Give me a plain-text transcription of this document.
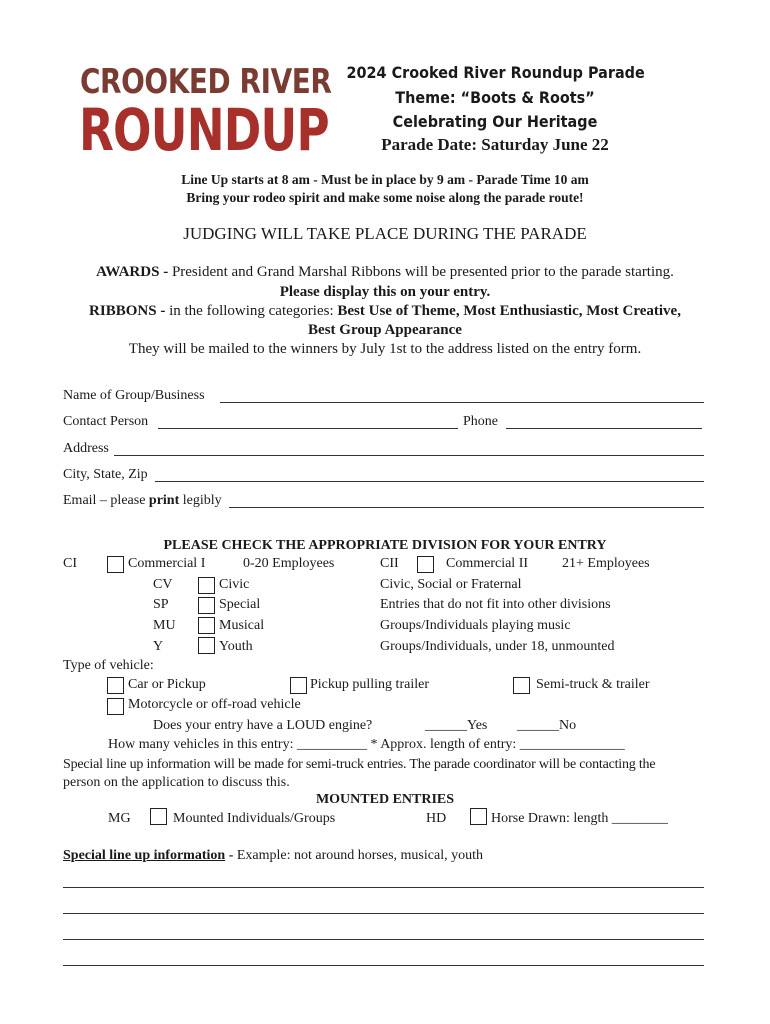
CROOKED RIVER
ROUNDUP
2024 Crooked River Roundup Parade
Theme: “Boots & Roots”
Celebrating Our Heritage
Parade Date: Saturday June 22
Line Up starts at 8 am - Must be in place by 9 am - Parade Time 10 am
Bring your rodeo spirit and make some noise along the parade route!
JUDGING WILL TAKE PLACE DURING THE PARADE
AWARDS - President and Grand Marshal Ribbons will be presented prior to the parade starting.
Please display this on your entry.
RIBBONS - in the following categories: Best Use of Theme, Most Enthusiastic, Most Creative,
Best Group Appearance
They will be mailed to the winners by July 1st to the address listed on the entry form.
Name of Group/Business
Contact Person	Phone
Address
City, State, Zip
Email – please print legibly
PLEASE CHECK THE APPROPRIATE DIVISION FOR YOUR ENTRY
CI	Commercial I	0-20 Employees	CII	Commercial II 21+ Employees
CV	Civic	Civic, Social or Fraternal
SP	Special	Entries that do not fit into other divisions
MU	Musical	Groups/Individuals playing music
Y	Youth	Groups/Individuals, under 18, unmounted
Type of vehicle:
Car or Pickup	Pickup pulling trailer	Semi-truck & trailer
Motorcycle or off-road vehicle
Does your entry have a LOUD engine?	______Yes ______No
How many vehicles in this entry: __________ * Approx. length of entry: _______________
Special line up information will be made for semi-truck entries. The parade coordinator will be contacting the
person on the application to discuss this.
MOUNTED ENTRIES
MG	Mounted Individuals/Groups	HD	Horse Drawn: length ________
Special line up information - Example: not around horses, musical, youth
